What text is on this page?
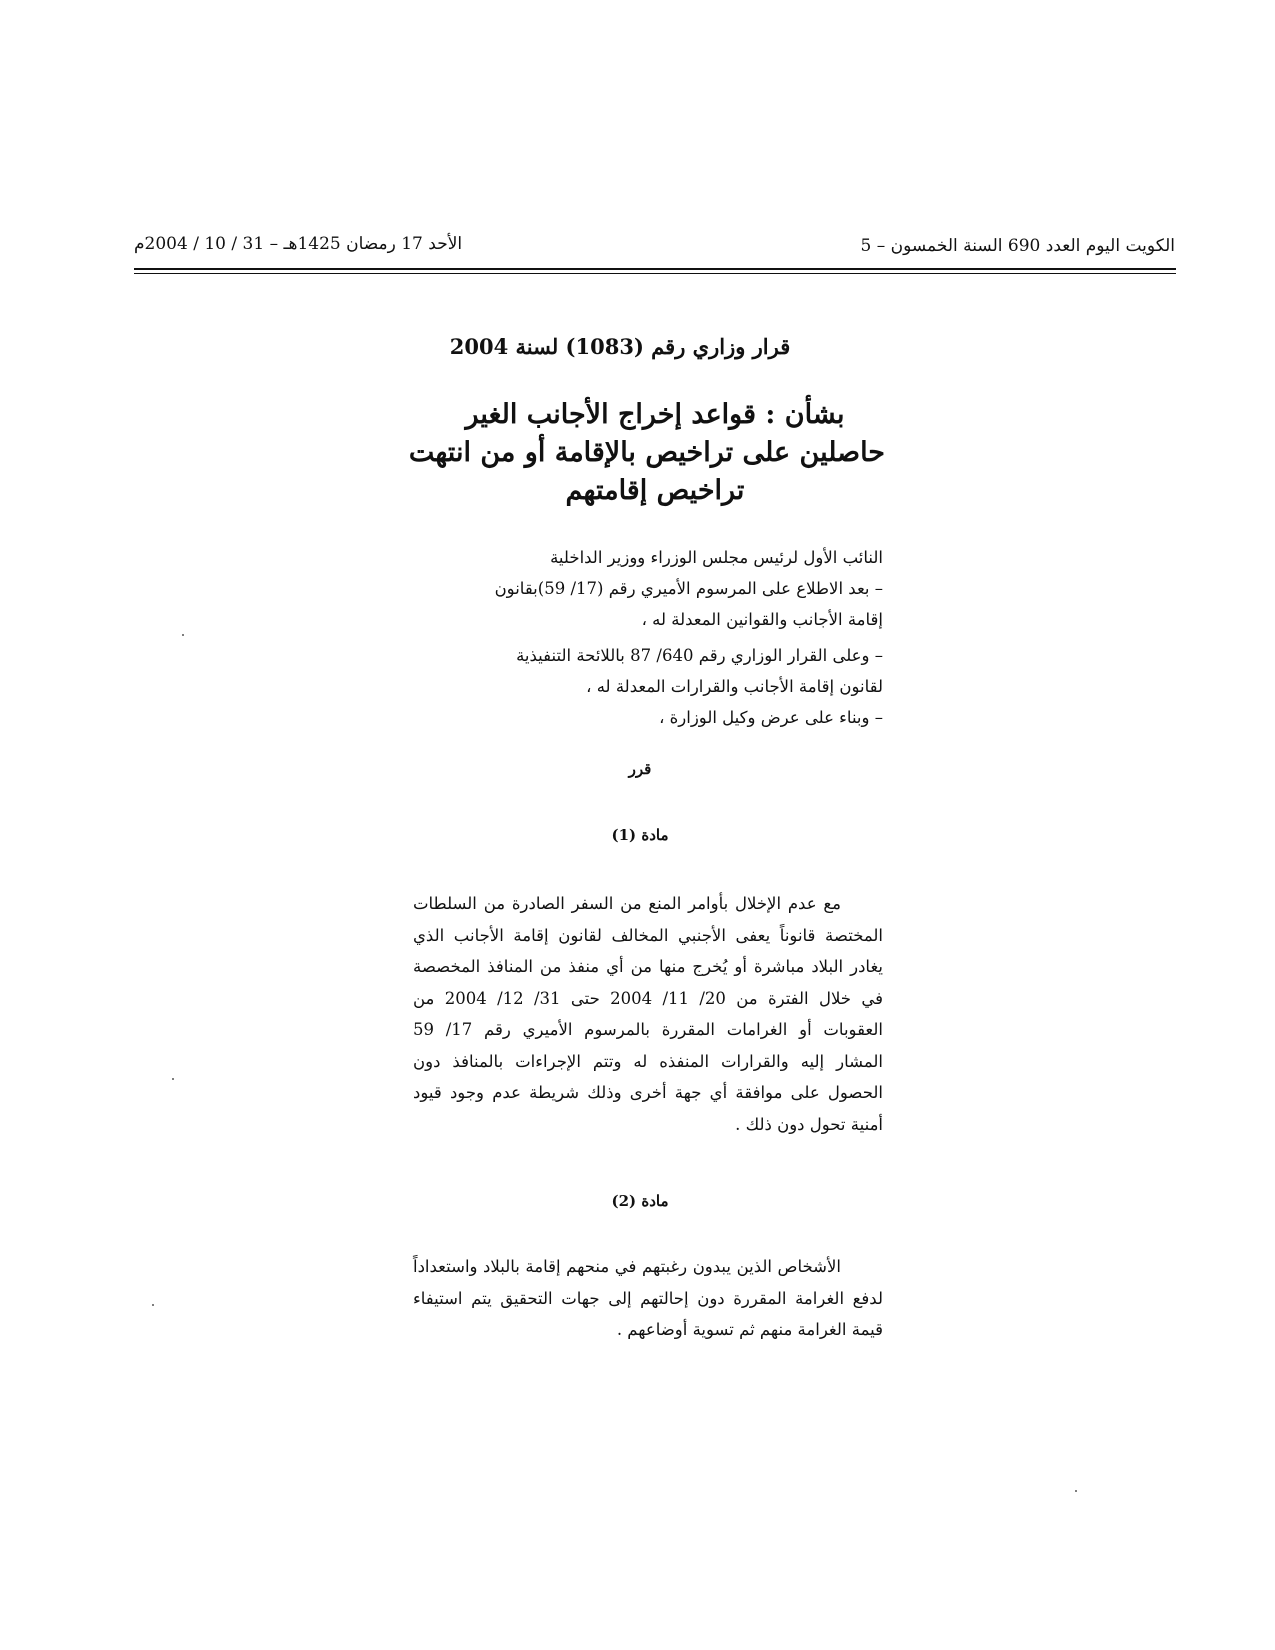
الكويت اليوم العدد 690 السنة الخمسون – 5
الأحد 17 رمضان 1425هـ – 31 / 10 / 2004م
قرار وزاري رقم (1083) لسنة 2004
بشأن : قواعد إخراج الأجانب الغير
حاصلين على تراخيص بالإقامة أو من انتهت
تراخيص إقامتهم

النائب الأول لرئيس مجلس الوزراء ووزير الداخلية

– بعد الاطلاع على المرسوم الأميري رقم (17/ 59)بقانون

إقامة الأجانب والقوانين المعدلة له ،

– وعلى القرار الوزاري رقم 640/ 87 باللائحة التنفيذية

لقانون إقامة الأجانب والقرارات المعدلة له ،

– وبناء على عرض وكيل الوزارة ،

قرر
مادة (1)

مع عدم الإخلال بأوامر المنع من السفر الصادرة من السلطات المختصة قانوناً يعفى الأجنبي المخالف لقانون إقامة الأجانب الذي يغادر البلاد مباشرة أو يُخرج منها من أي منفذ من المنافذ المخصصة في خلال الفترة من 20/ 11/ 2004 حتى 31/ 12/ 2004 من العقوبات أو الغرامات المقررة بالمرسوم الأميري رقم 17/ 59 المشار إليه والقرارات المنفذه له وتتم الإجراءات بالمنافذ دون الحصول على موافقة أي جهة أخرى وذلك شريطة عدم وجود قيود أمنية تحول دون ذلك .

مادة (2)

الأشخاص الذين يبدون رغبتهم في منحهم إقامة بالبلاد واستعداداً لدفع الغرامة المقررة دون إحالتهم إلى جهات التحقيق يتم استيفاء قيمة الغرامة منهم ثم تسوية أوضاعهم .
